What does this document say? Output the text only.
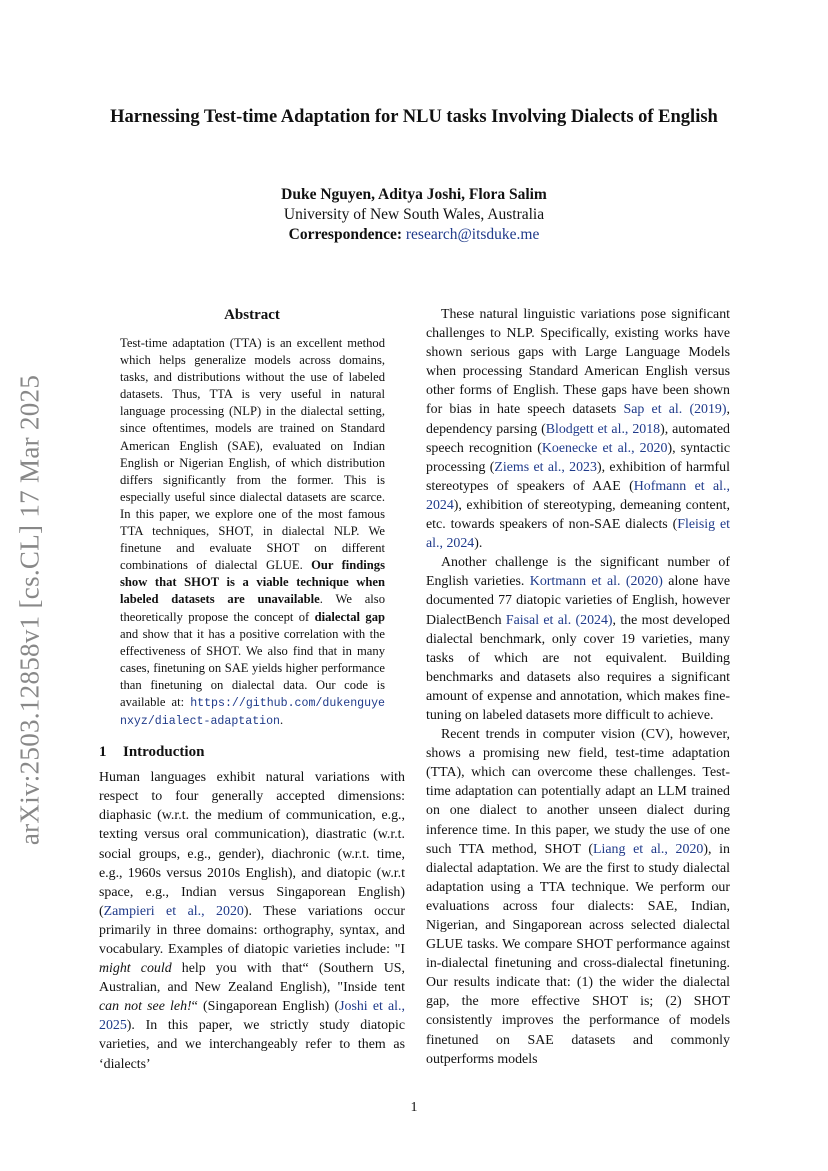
arXiv:2503.12858v1 [cs.CL] 17 Mar 2025
Harnessing Test-time Adaptation for NLU tasks Involving Dialects of English
Duke Nguyen, Aditya Joshi, Flora Salim
University of New South Wales, Australia
Correspondence: research@itsduke.me
Abstract

Test-time adaptation (TTA) is an excellent method which helps generalize models across domains, tasks, and distributions without the use of labeled datasets. Thus, TTA is very useful in natural language processing (NLP) in the dialectal setting, since oftentimes, models are trained on Standard American English (SAE), evaluated on Indian English or Nigerian English, of which distribution differs significantly from the former. This is especially useful since dialectal datasets are scarce. In this paper, we explore one of the most famous TTA techniques, SHOT, in dialectal NLP. We finetune and evaluate SHOT on different combinations of dialectal GLUE. Our findings show that SHOT is a viable technique when labeled datasets are unavailable. We also theoretically propose the concept of dialectal gap and show that it has a positive correlation with the effectiveness of SHOT. We also find that in many cases, finetuning on SAE yields higher performance than finetuning on dialectal data. Our code is available at: https://github.com/dukenguyenxyz/dialect-adaptation.

1 Introduction

Human languages exhibit natural variations with respect to four generally accepted dimensions: diaphasic (w.r.t. the medium of communication, e.g., texting versus oral communication), diastratic (w.r.t. social groups, e.g., gender), diachronic (w.r.t. time, e.g., 1960s versus 2010s English), and diatopic (w.r.t space, e.g., Indian versus Singaporean English) (Zampieri et al., 2020). These variations occur primarily in three domains: orthography, syntax, and vocabulary. Examples of diatopic varieties include: "I might could help you with that“ (Southern US, Australian, and New Zealand English), "Inside tent can not see leh!“ (Singaporean English) (Joshi et al., 2025). In this paper, we strictly study diatopic varieties, and we interchangeably refer to them as ‘dialects’

These natural linguistic variations pose significant challenges to NLP. Specifically, existing works have shown serious gaps with Large Language Models when processing Standard American English versus other forms of English. These gaps have been shown for bias in hate speech datasets Sap et al. (2019), dependency parsing (Blodgett et al., 2018), automated speech recognition (Koenecke et al., 2020), syntactic processing (Ziems et al., 2023), exhibition of harmful stereotypes of speakers of AAE (Hofmann et al., 2024), exhibition of stereotyping, demeaning content, etc. towards speakers of non-SAE dialects (Fleisig et al., 2024).

Another challenge is the significant number of English varieties. Kortmann et al. (2020) alone have documented 77 diatopic varieties of English, however DialectBench Faisal et al. (2024), the most developed dialectal benchmark, only cover 19 varieties, many tasks of which are not equivalent. Building benchmarks and datasets also requires a significant amount of expense and annotation, which makes fine-tuning on labeled datasets more difficult to achieve.

Recent trends in computer vision (CV), however, shows a promising new field, test-time adaptation (TTA), which can overcome these challenges. Test-time adaptation can potentially adapt an LLM trained on one dialect to another unseen dialect during inference time. In this paper, we study the use of one such TTA method, SHOT (Liang et al., 2020), in dialectal adaptation. We are the first to study dialectal adaptation using a TTA technique. We perform our evaluations across four dialects: SAE, Indian, Nigerian, and Singaporean across selected dialectal GLUE tasks. We compare SHOT performance against in-dialectal finetuning and cross-dialectal finetuning. Our results indicate that: (1) the wider the dialectal gap, the more effective SHOT is; (2) SHOT consistently improves the performance of models finetuned on SAE datasets and commonly outperforms models

1
